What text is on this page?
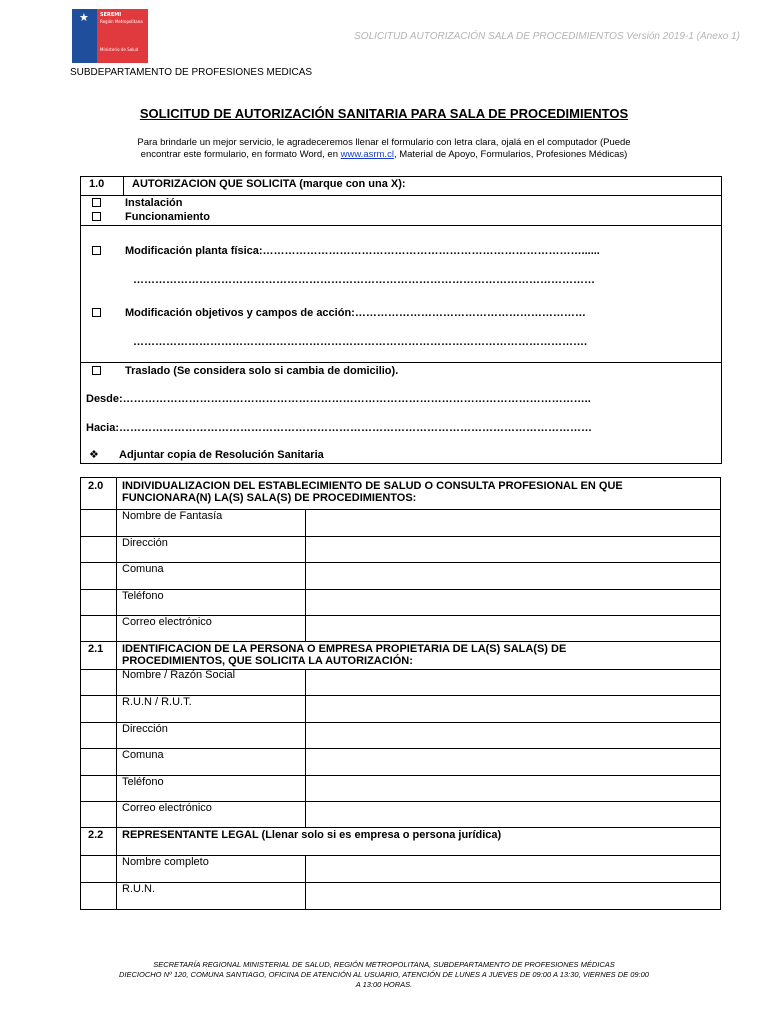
★ SEREMI
Región Metropolitana
Ministerio de Salud
SOLICITUD AUTORIZACIÓN SALA DE PROCEDIMIENTOS Versión 2019-1 (Anexo 1)
SUBDEPARTAMENTO DE PROFESIONES MEDICAS
SOLICITUD DE AUTORIZACIÓN SANITARIA PARA SALA DE PROCEDIMIENTOS
Para brindarle un mejor servicio, le agradeceremos llenar el formulario con letra clara, ojalá en el computador (Puede
encontrar este formulario, en formato Word, en www.asrm.cl, Material de Apoyo, Formularios, Profesiones Médicas)
1.0	AUTORIZACION QUE SOLICITA (marque con una X):
Instalación
Funcionamiento
Modificación planta física:……………………………………………………………………………......
………………………………………………………………………………………………………………
Modificación objetivos y campos de acción:………………………………………………………
…………………………………………………………………………………………………………….
Traslado (Se considera solo si cambia de domicilio).
Desde:………………………………………………………………………………………………………………..
Hacia:…………………………………………………………………………………………………………………
❖ Adjuntar copia de Resolución Sanitaria
2.0 INDIVIDUALIZACION DEL ESTABLECIMIENTO DE SALUD O CONSULTA PROFESIONAL EN QUE
FUNCIONARA(N) LA(S) SALA(S) DE PROCEDIMIENTOS:
Nombre de Fantasía
Dirección
Comuna
Teléfono
Correo electrónico
2.1 IDENTIFICACION DE LA PERSONA O EMPRESA PROPIETARIA DE LA(S) SALA(S) DE
PROCEDIMIENTOS, QUE SOLICITA LA AUTORIZACIÓN:
Nombre / Razón Social
R.U.N / R.U.T.
Dirección
Comuna
Teléfono
Correo electrónico
2.2 REPRESENTANTE LEGAL (Llenar solo si es empresa o persona jurídica)
Nombre completo
R.U.N.
SECRETARÍA REGIONAL MINISTERIAL DE SALUD, REGIÓN METROPOLITANA, SUBDEPARTAMENTO DE PROFESIONES MÉDICAS
DIECIOCHO Nº 120, COMUNA SANTIAGO, OFICINA DE ATENCIÓN AL USUARIO, ATENCIÓN DE LUNES A JUEVES DE 09:00 A 13:30, VIERNES DE 09:00
A 13:00 HORAS.
